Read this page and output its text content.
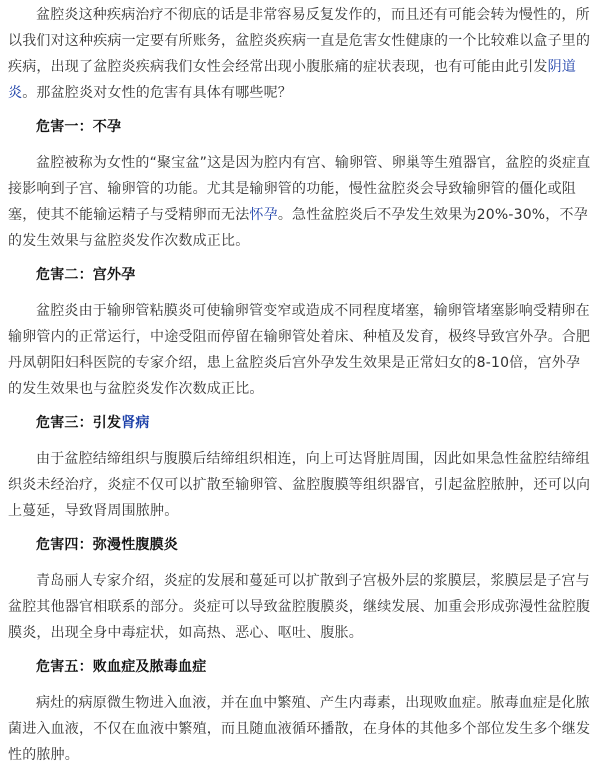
盆腔炎这种疾病治疗不彻底的话是非常容易反复发作的，而且还有可能会转为慢性的，所以我们对这种疾病一定要有所账务，盆腔炎疾病一直是危害女性健康的一个比较难以盒子里的疾病，出现了盆腔炎疾病我们女性会经常出现小腹胀痛的症状表现，也有可能由此引发阴道炎。那盆腔炎对女性的危害有具体有哪些呢？

危害一：不孕

盆腔被称为女性的“聚宝盆”这是因为腔内有宫、输卵管、卵巢等生殖器官，盆腔的炎症直接影响到子宫、输卵管的功能。尤其是输卵管的功能，慢性盆腔炎会导致输卵管的僵化或阻塞，使其不能输运精子与受精卵而无法怀孕。急性盆腔炎后不孕发生效果为20%-30%，不孕的发生效果与盆腔炎发作次数成正比。

危害二：宫外孕

盆腔炎由于输卵管粘膜炎可使输卵管变窄或造成不同程度堵塞，输卵管堵塞影响受精卵在输卵管内的正常运行，中途受阻而停留在输卵管处着床、种植及发育，极终导致宫外孕。合肥丹凤朝阳妇科医院的专家介绍，患上盆腔炎后宫外孕发生效果是正常妇女的8-10倍，宫外孕的发生效果也与盆腔炎发作次数成正比。

危害三：引发肾病

由于盆腔结缔组织与腹膜后结缔组织相连，向上可达肾脏周围，因此如果急性盆腔结缔组织炎未经治疗，炎症不仅可以扩散至输卵管、盆腔腹膜等组织器官，引起盆腔脓肿，还可以向上蔓延，导致肾周围脓肿。

危害四：弥漫性腹膜炎

青岛丽人专家介绍，炎症的发展和蔓延可以扩散到子宫极外层的浆膜层，浆膜层是子宫与盆腔其他器官相联系的部分。炎症可以导致盆腔腹膜炎，继续发展、加重会形成弥漫性盆腔腹膜炎，出现全身中毒症状，如高热、恶心、呕吐、腹胀。

危害五：败血症及脓毒血症

病灶的病原微生物进入血液，并在血中繁殖、产生内毒素，出现败血症。脓毒血症是化脓菌进入血液，不仅在血液中繁殖，而且随血液循环播散，在身体的其他多个部位发生多个继发性的脓肿。
